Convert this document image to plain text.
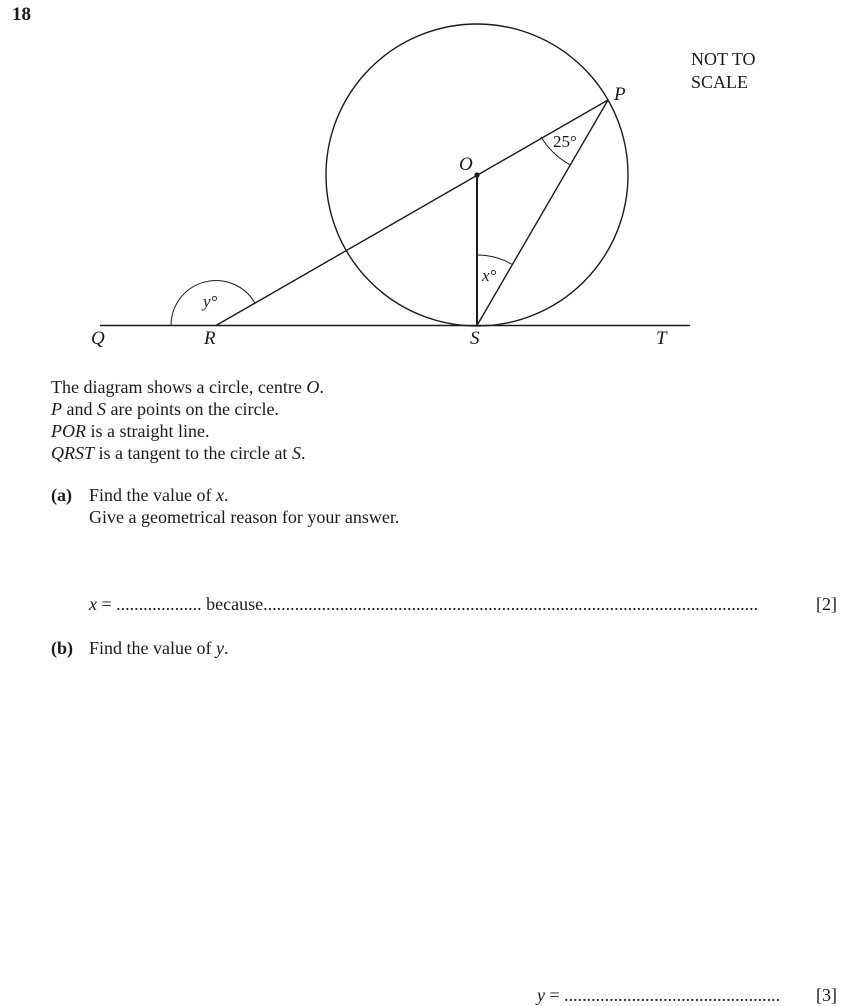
18
NOT TO
SCALE
P
O
Q	R	S	T
25°
x°
y°
The diagram shows a circle, centre O.
P and S are points on the circle.
POR is a straight line.
QRST is a tangent to the circle at S.
(a) Find the value of x.
Give a geometrical reason for your answer.
x = ................... because..............................................................................................................	[2]
(b) Find the value of y.
y = ................................................ [3]
